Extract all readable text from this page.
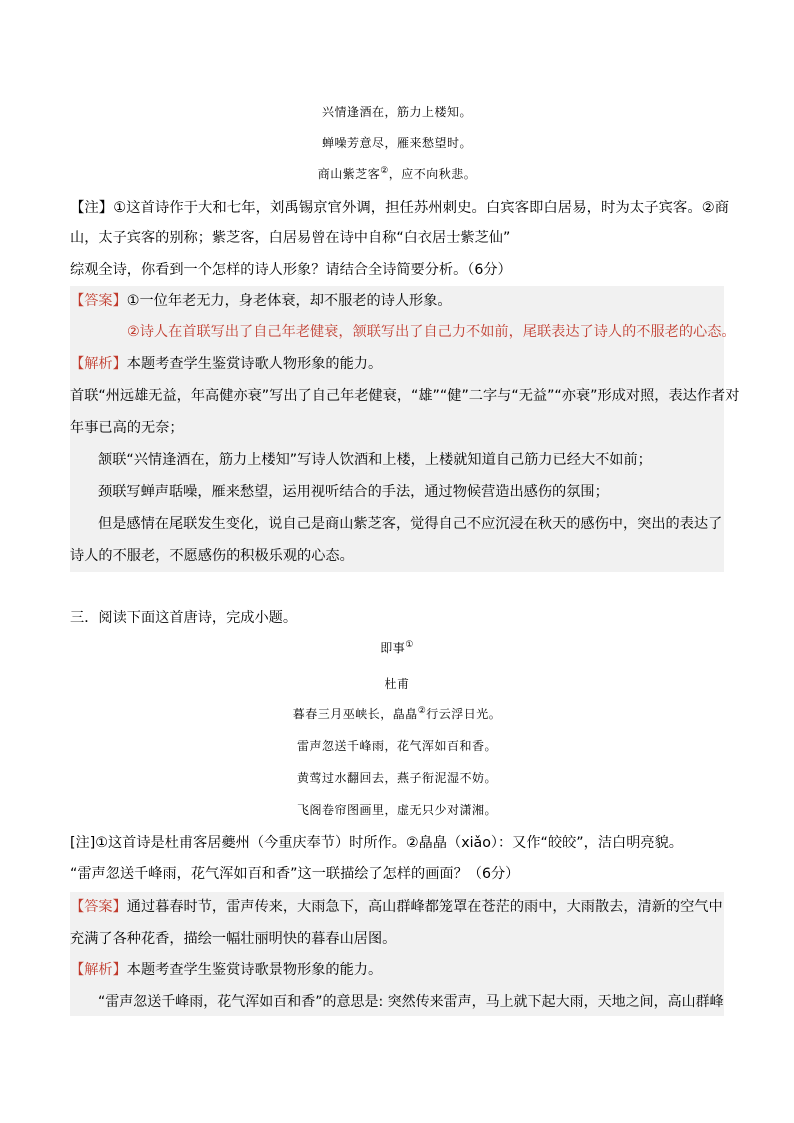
兴情逢酒在，筋力上楼知。
蝉噪芳意尽，雁来愁望时。
商山紫芝客②，应不向秋悲。
【注】①这首诗作于大和七年，刘禹锡京官外调，担任苏州刺史。白宾客即白居易，时为太子宾客。②商
山，太子宾客的别称；紫芝客，白居易曾在诗中自称“白衣居士紫芝仙”
综观全诗，你看到一个怎样的诗人形象？请结合全诗简要分析。（6分）
【答案】①一位年老无力，身老体衰，却不服老的诗人形象。
②诗人在首联写出了自己年老健衰，颔联写出了自己力不如前，尾联表达了诗人的不服老的心态。
【解析】本题考查学生鉴赏诗歌人物形象的能力。
首联“州远雄无益，年高健亦衰”写出了自己年老健衰，“雄”“健”二字与“无益”“亦衰”形成对照，表达作者对
年事已高的无奈；
颔联“兴情逢酒在，筋力上楼知”写诗人饮酒和上楼，上楼就知道自己筋力已经大不如前；
颈联写蝉声聒噪，雁来愁望，运用视听结合的手法，通过物候营造出感伤的氛围；
但是感情在尾联发生变化，说自己是商山紫芝客，觉得自己不应沉浸在秋天的感伤中，突出的表达了
诗人的不服老，不愿感伤的积极乐观的心态。
三．阅读下面这首唐诗，完成小题。
即事①
杜甫
暮春三月巫峡长，皛皛②行云浮日光。
雷声忽送千峰雨，花气浑如百和香。
黄莺过水翻回去，燕子衔泥湿不妨。
飞阁卷帘图画里，虚无只少对潇湘。
[注]①这首诗是杜甫客居夔州（今重庆奉节）时所作。②皛皛（xiǎo）：又作“皎皎”，洁白明亮貌。
“雷声忽送千峰雨，花气浑如百和香”这一联描绘了怎样的画面？（6分）
【答案】通过暮春时节，雷声传来，大雨急下，高山群峰都笼罩在苍茫的雨中，大雨散去，清新的空气中
充满了各种花香，描绘一幅壮丽明快的暮春山居图。
【解析】本题考查学生鉴赏诗歌景物形象的能力。
“雷声忽送千峰雨，花气浑如百和香”的意思是: 突然传来雷声，马上就下起大雨，天地之间，高山群峰
